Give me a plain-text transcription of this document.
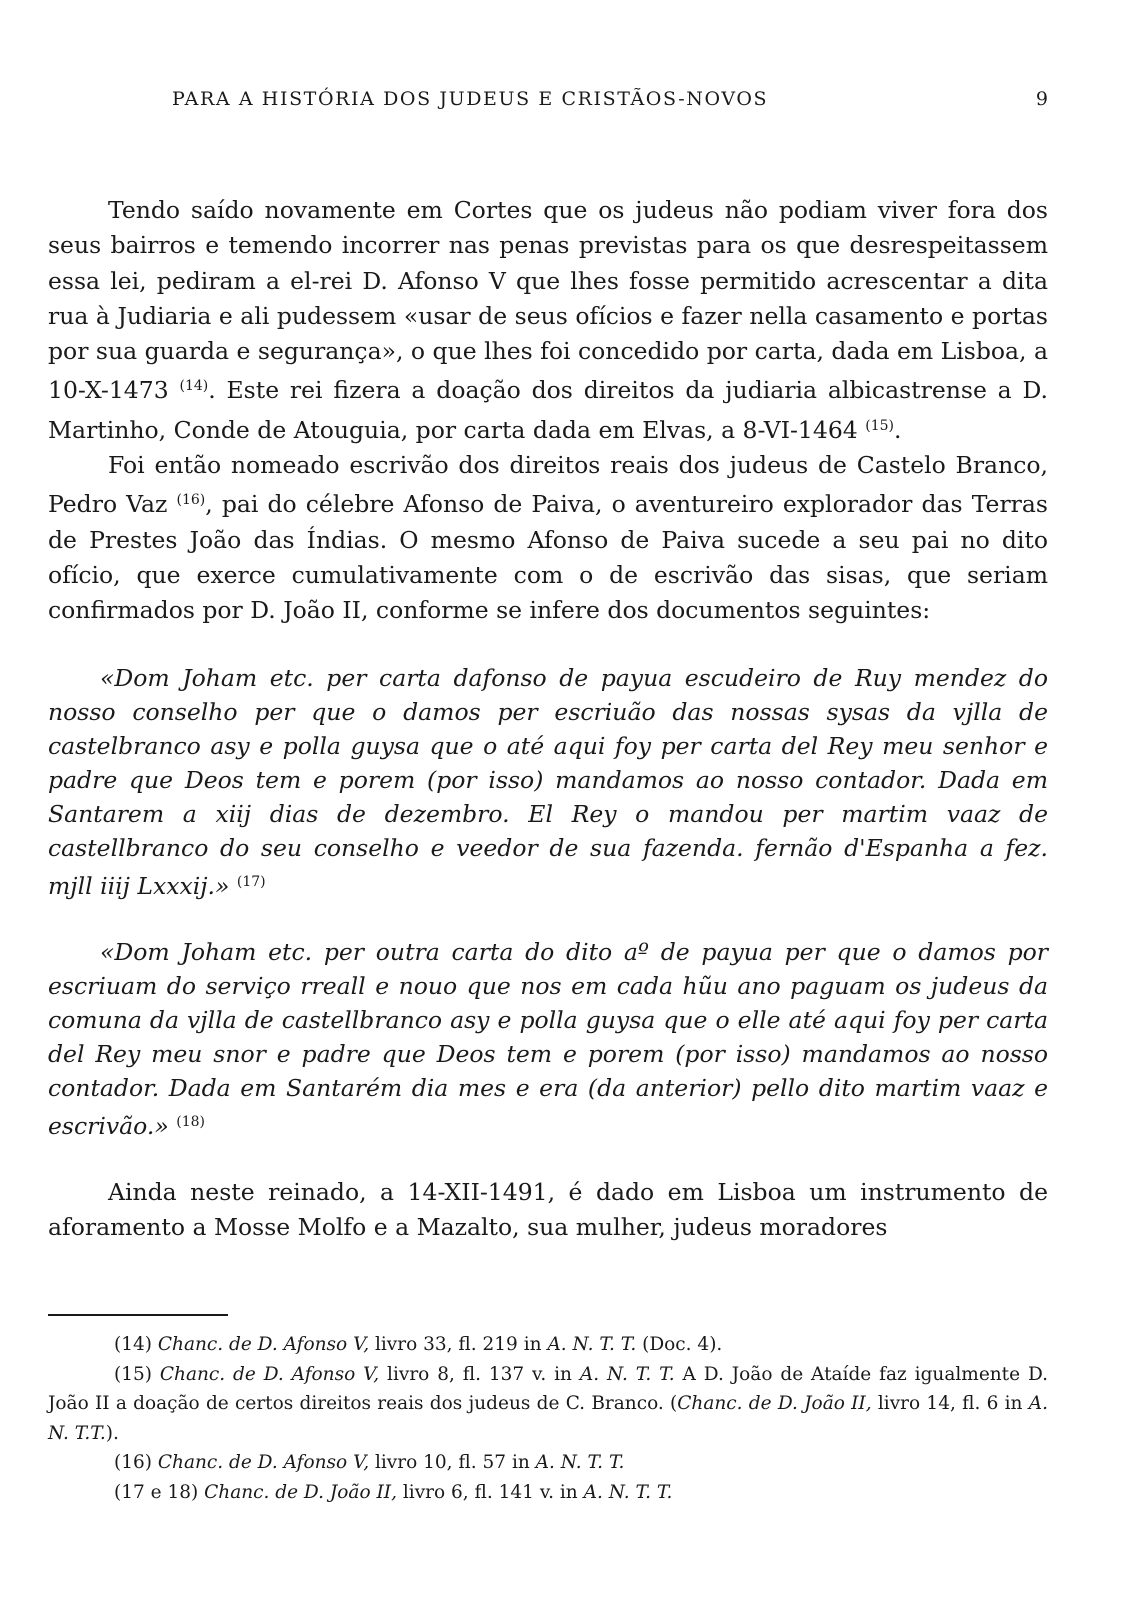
PARA A HISTÓRIA DOS JUDEUS E CRISTÃOS-NOVOS	9

Tendo saído novamente em Cortes que os judeus não podiam viver fora dos seus bairros e temendo incorrer nas penas previstas para os que desrespeitassem essa lei, pediram a el-rei D. Afonso V que lhes fosse permitido acrescentar a dita rua à Judiaria e ali pudessem «usar de seus ofícios e fazer nella casamento e portas por sua guarda e segurança», o que lhes foi concedido por carta, dada em Lisboa, a 10-X-1473 $^{(14)}$. Este rei fizera a doação dos direitos da judiaria albicastrense a D. Martinho, Conde de Atouguia, por carta dada em Elvas, a 8-VI-1464 $^{(15)}$.

Foi então nomeado escrivão dos direitos reais dos judeus de Castelo Branco, Pedro Vaz $^{(16)}$, pai do célebre Afonso de Paiva, o aventureiro explorador das Terras de Prestes João das Índias. O mesmo Afonso de Paiva sucede a seu pai no dito ofício, que exerce cumulativamente com o de escrivão das sisas, que seriam confirmados por D. João II, conforme se infere dos documentos seguintes:

«Dom Joham etc. per carta dafonso de payua escudeiro de Ruy mendez do nosso conselho per que o damos per escriuão das nossas sysas da vjlla de castelbranco asy e polla guysa que o até aqui foy per carta del Rey meu senhor e padre que Deos tem e porem (por isso) mandamos ao nosso contador. Dada em Santarem a xiij dias de dezembro. El Rey o mandou per martim vaaz de castellbranco do seu conselho e veedor de sua fazenda. fernão d'Espanha a fez. mjll iiij Lxxxij.» $^{(17)}$

«Dom Joham etc. per outra carta do dito aº de payua per que o damos por escriuam do serviço rreall e nouo que nos em cada hũu ano paguam os judeus da comuna da vjlla de castellbranco asy e polla guysa que o elle até aqui foy per carta del Rey meu snor e padre que Deos tem e porem (por isso) mandamos ao nosso contador. Dada em Santarém dia mes e era (da anterior) pello dito martim vaaz e escrivão.» $^{(18)}$

Ainda neste reinado, a 14-XII-1491, é dado em Lisboa um instrumento de aforamento a Mosse Molfo e a Mazalto, sua mulher, judeus moradores

(14) Chanc. de D. Afonso V, livro 33, fl. 219 in A. N. T. T. (Doc. 4).

(15) Chanc. de D. Afonso V, livro 8, fl. 137 v. in A. N. T. T. A D. João de Ataíde faz igualmente D. João II a doação de certos direitos reais dos judeus de C. Branco. (Chanc. de D. João II, livro 14, fl. 6 in A. N. T.T.).

(16) Chanc. de D. Afonso V, livro 10, fl. 57 in A. N. T. T.

(17 e 18) Chanc. de D. João II, livro 6, fl. 141 v. in A. N. T. T.
